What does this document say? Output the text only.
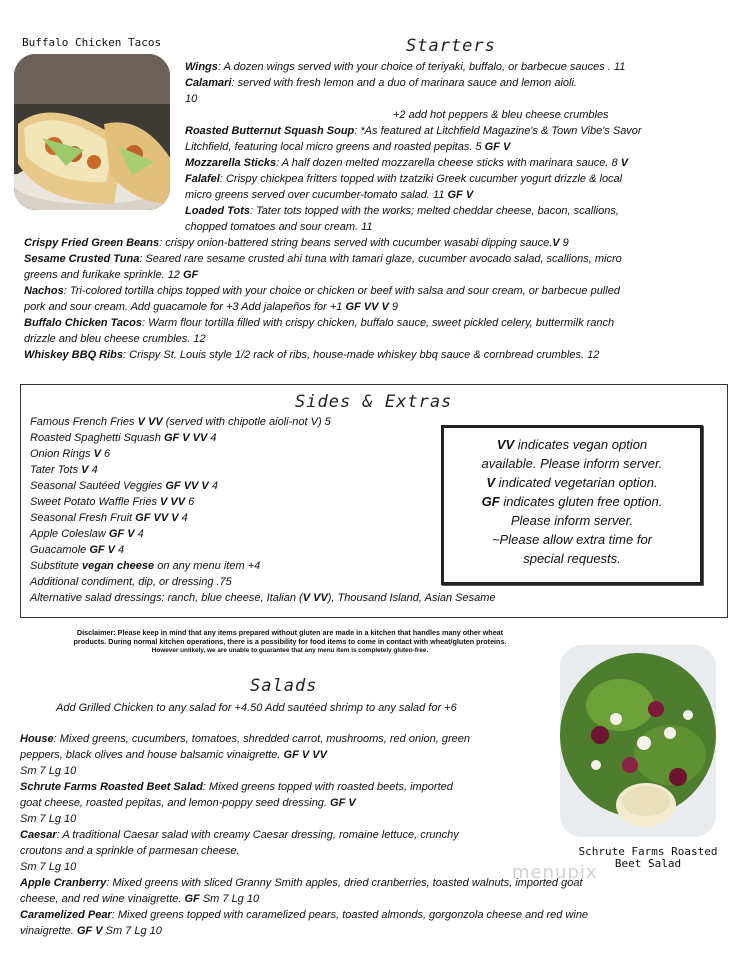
Buffalo Chicken Tacos	Starters
Wings: A dozen wings served with your choice of teriyaki, buffalo, or barbecue sauces . 11
Calamari: served with fresh lemon and a duo of marinara sauce and lemon aioli.
10
+2 add hot peppers & bleu cheese crumbles
Roasted Butternut Squash Soup: *As featured at Litchfield Magazine's & Town Vibe's Savor
Litchfield, featuring local micro greens and roasted pepitas. 5 GF V
Mozzarella Sticks: A half dozen melted mozzarella cheese sticks with marinara sauce. 8 V
Falafel: Crispy chickpea fritters topped with tzatziki Greek cucumber yogurt drizzle & local
micro greens served over cucumber-tomato salad. 11 GF V
Loaded Tots: Tater tots topped with the works; melted cheddar cheese, bacon, scallions,
chopped tomatoes and sour cream. 11
Crispy Fried Green Beans: crispy onion-battered string beans served with cucumber wasabi dipping sauce.V 9
Sesame Crusted Tuna: Seared rare sesame crusted ahi tuna with tamari glaze, cucumber avocado salad, scallions, micro
greens and furikake sprinkle. 12 GF
Nachos: Tri-colored tortilla chips topped with your choice or chicken or beef with salsa and sour cream, or barbecue pulled
pork and sour cream. Add guacamole for +3 Add jalapeños for +1 GF VV V 9
Buffalo Chicken Tacos: Warm flour tortilla filled with crispy chicken, buffalo sauce, sweet pickled celery, buttermilk ranch
drizzle and bleu cheese crumbles. 12
Whiskey BBQ Ribs: Crispy St. Louis style 1/2 rack of ribs, house-made whiskey bbq sauce & cornbread crumbles. 12
Sides & Extras
Famous French Fries V VV (served with chipotle aioli-not V) 5
Roasted Spaghetti Squash GF V VV 4
Onion Rings V 6
Tater Tots V 4
Seasonal Sautéed Veggies GF VV V 4
Sweet Potato Waffle Fries V VV 6
Seasonal Fresh Fruit GF VV V 4
Apple Coleslaw GF V 4
Guacamole GF V 4
Substitute vegan cheese on any menu item +4
Additional condiment, dip, or dressing .75
Alternative salad dressings: ranch, blue cheese, Italian (V VV), Thousand Island, Asian Sesame
VV indicates vegan option
available. Please inform server.
V indicated vegetarian option.
GF indicates gluten free option.
Please inform server.
~Please allow extra time for
special requests.
Disclaimer: Please keep in mind that any items prepared without gluten are made in a kitchen that handles many other wheat
products. During normal kitchen operations, there is a possibility for food items to come in contact with wheat/gluten proteins.
However unlikely, we are unable to guarantee that any menu item is completely gluten-free.
Salads
Add Grilled Chicken to any salad for +4.50 Add sautéed shrimp to any salad for +6
Schrute Farms Roasted
Beet Salad
House: Mixed greens, cucumbers, tomatoes, shredded carrot, mushrooms, red onion, green
peppers, black olives and house balsamic vinaigrette. GF V VV
Sm 7 Lg 10
Schrute Farms Roasted Beet Salad: Mixed greens topped with roasted beets, imported
goat cheese, roasted pepitas, and lemon-poppy seed dressing. GF V
Sm 7 Lg 10
Caesar: A traditional Caesar salad with creamy Caesar dressing, romaine lettuce, crunchy
croutons and a sprinkle of parmesan cheese.
Sm 7 Lg 10
Apple Cranberry: Mixed greens with sliced Granny Smith apples, dried cranberries, toasted walnuts, imported goat
cheese, and red wine vinaigrette. GF Sm 7 Lg 10
Caramelized Pear: Mixed greens topped with caramelized pears, toasted almonds, gorgonzola cheese and red wine
vinaigrette. GF V Sm 7 Lg 10
menupix
